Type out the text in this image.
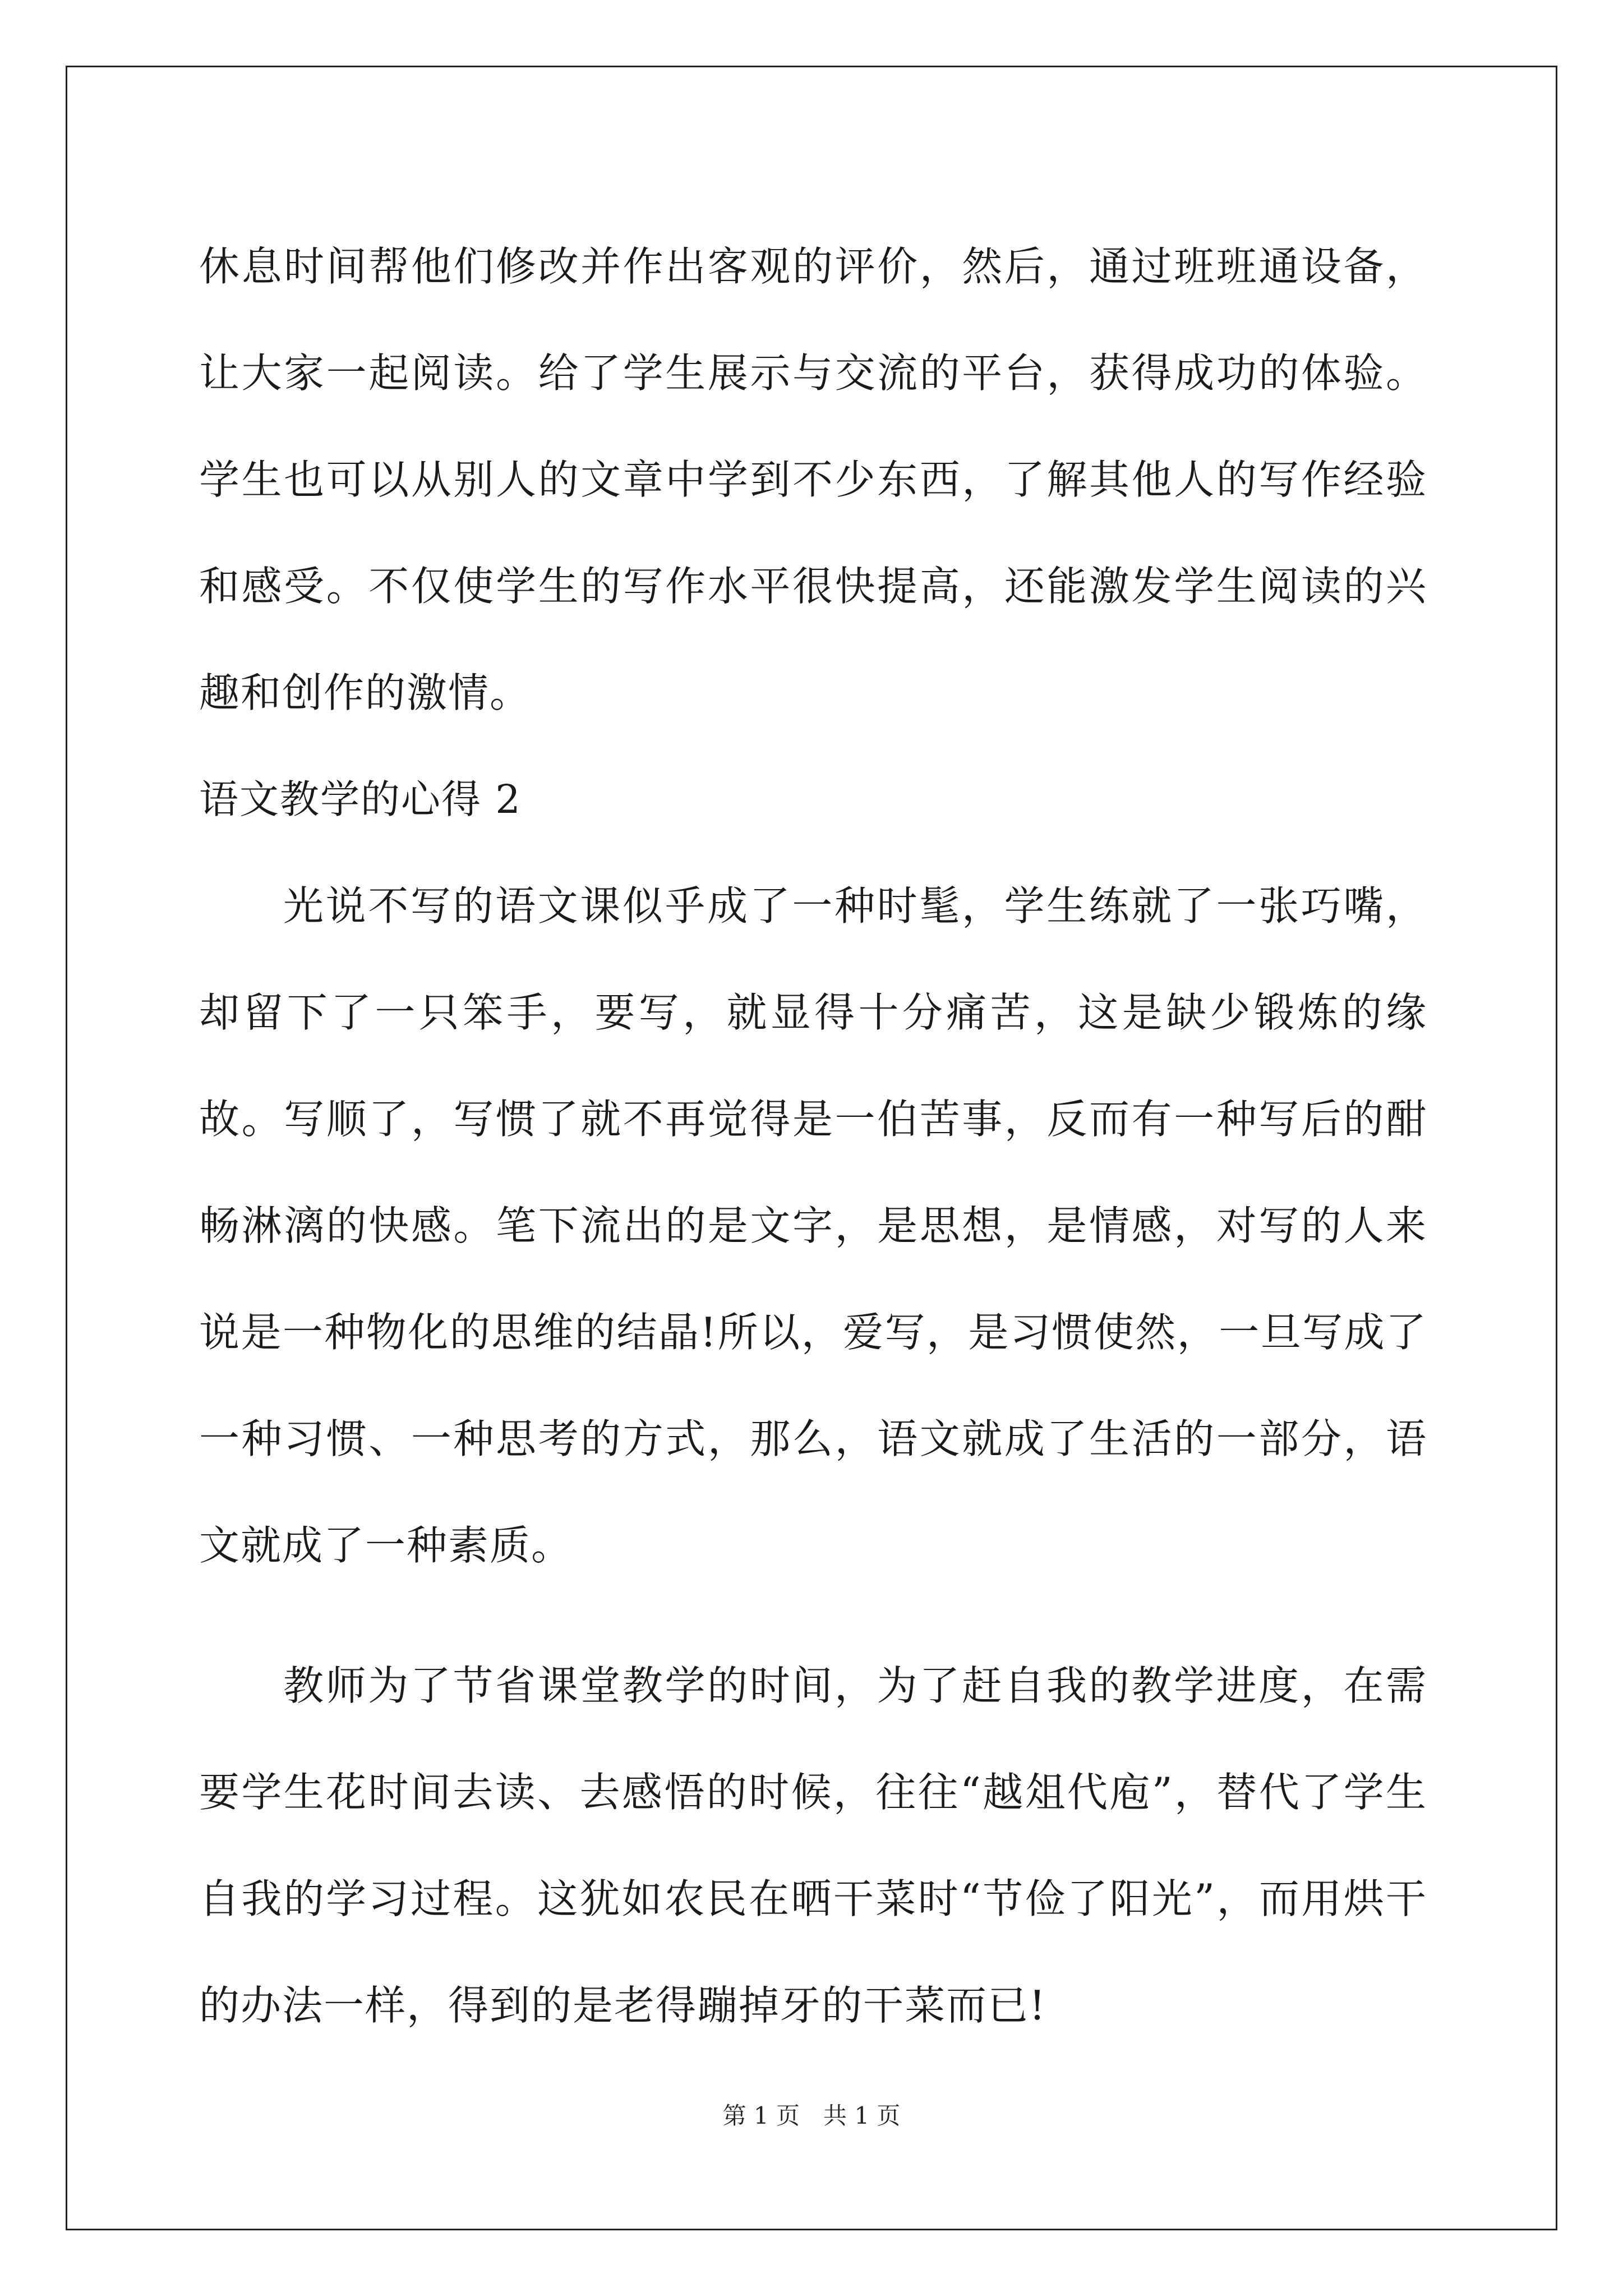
休息时间帮他们修改并作出客观的评价，然后，通过班班通设备，让大家一起阅读。给了学生展示与交流的平台，获得成功的体验。学生也可以从别人的文章中学到不少东西，了解其他人的写作经验和感受。不仅使学生的写作水平很快提高，还能激发学生阅读的兴趣和创作的激情。

语文教学的心得 2

光说不写的语文课似乎成了一种时髦，学生练就了一张巧嘴，却留下了一只笨手，要写，就显得十分痛苦，这是缺少锻炼的缘故。写顺了，写惯了就不再觉得是一伯苦事，反而有一种写后的酣畅淋漓的快感。笔下流出的是文字，是思想，是情感，对写的人来说是一种物化的思维的结晶!所以，爱写，是习惯使然，一旦写成了一种习惯、一种思考的方式，那么，语文就成了生活的一部分，语文就成了一种素质。

教师为了节省课堂教学的时间，为了赶自我的教学进度，在需要学生花时间去读、去感悟的时候，往往“越俎代庖”，替代了学生自我的学习过程。这犹如农民在晒干菜时“节俭了阳光”，而用烘干的办法一样，得到的是老得蹦掉牙的干菜而已!

第 1 页　共 1 页
